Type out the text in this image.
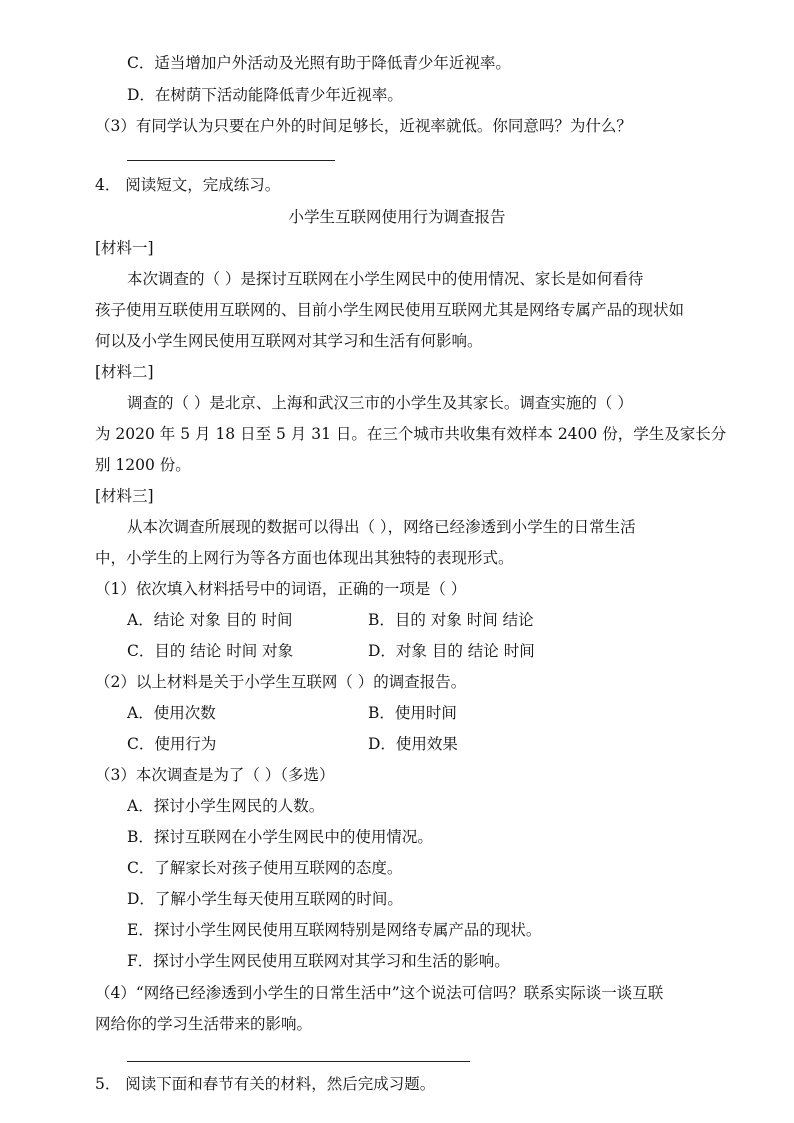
C．适当增加户外活动及光照有助于降低青少年近视率。
D．在树荫下活动能降低青少年近视率。
（3）有同学认为只要在户外的时间足够长，近视率就低。你同意吗？为什么？
4． 阅读短文，完成练习。
小学生互联网使用行为调查报告
[材料一]
本次调查的（ ）是探讨互联网在小学生网民中的使用情况、家长是如何看待
孩子使用互联使用互联网的、目前小学生网民使用互联网尤其是网络专属产品的现状如
何以及小学生网民使用互联网对其学习和生活有何影响。
[材料二]
调查的（ ）是北京、上海和武汉三市的小学生及其家长。调查实施的（ ）
为 2020 年 5 月 18 日至 5 月 31 日。在三个城市共收集有效样本 2400 份，学生及家长分
别 1200 份。
[材料三]
从本次调查所展现的数据可以得出（ ），网络已经渗透到小学生的日常生活
中，小学生的上网行为等各方面也体现出其独特的表现形式。
（1）依次填入材料括号中的词语，正确的一项是（ ）
A．结论 对象 目的 时间	B．目的 对象 时间 结论
C．目的 结论 时间 对象	D．对象 目的 结论 时间
（2）以上材料是关于小学生互联网（ ）的调查报告。
A．使用次数	B．使用时间
C．使用行为	D．使用效果
（3）本次调查是为了（ ）（多选）
A．探讨小学生网民的人数。
B．探讨互联网在小学生网民中的使用情况。
C．了解家长对孩子使用互联网的态度。
D．了解小学生每天使用互联网的时间。
E．探讨小学生网民使用互联网特别是网络专属产品的现状。
F．探讨小学生网民使用互联网对其学习和生活的影响。
（4）“网络已经渗透到小学生的日常生活中”这个说法可信吗？联系实际谈一谈互联
网给你的学习生活带来的影响。
5． 阅读下面和春节有关的材料，然后完成习题。
